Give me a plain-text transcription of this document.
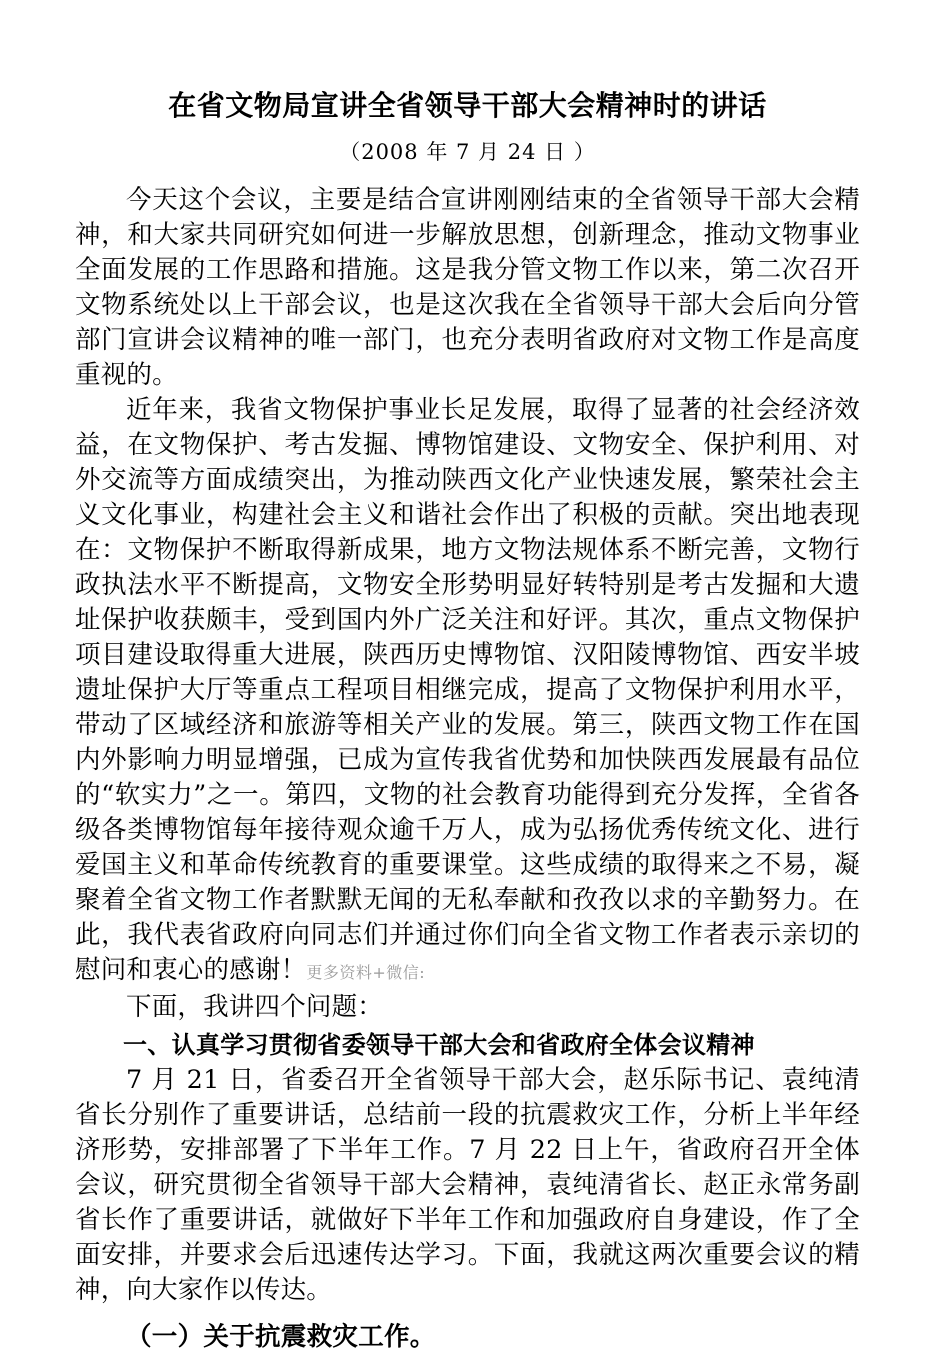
在省文物局宣讲全省领导干部大会精神时的讲话
（2008 年 7 月 24 日 ）

今天这个会议，主要是结合宣讲刚刚结束的全省领导干部大会精神，和大家共同研究如何进一步解放思想，创新理念，推动文物事业全面发展的工作思路和措施。这是我分管文物工作以来，第二次召开文物系统处以上干部会议，也是这次我在全省领导干部大会后向分管部门宣讲会议精神的唯一部门，也充分表明省政府对文物工作是高度重视的。

近年来，我省文物保护事业长足发展，取得了显著的社会经济效益，在文物保护、考古发掘、博物馆建设、文物安全、保护利用、对外交流等方面成绩突出，为推动陕西文化产业快速发展，繁荣社会主义文化事业，构建社会主义和谐社会作出了积极的贡献。突出地表现在：文物保护不断取得新成果，地方文物法规体系不断完善，文物行政执法水平不断提高，文物安全形势明显好转特别是考古发掘和大遗址保护收获颇丰，受到国内外广泛关注和好评。其次，重点文物保护项目建设取得重大进展，陕西历史博物馆、汉阳陵博物馆、西安半坡遗址保护大厅等重点工程项目相继完成，提高了文物保护利用水平，带动了区域经济和旅游等相关产业的发展。第三，陕西文物工作在国内外影响力明显增强，已成为宣传我省优势和加快陕西发展最有品位的“软实力”之一。第四，文物的社会教育功能得到充分发挥，全省各级各类博物馆每年接待观众逾千万人，成为弘扬优秀传统文化、进行爱国主义和革命传统教育的重要课堂。这些成绩的取得来之不易，凝聚着全省文物工作者默默无闻的无私奉献和孜孜以求的辛勤努力。在此，我代表省政府向同志们并通过你们向全省文物工作者表示亲切的慰问和衷心的感谢！更多资料+微信:

下面，我讲四个问题：

一、认真学习贯彻省委领导干部大会和省政府全体会议精神

7 月 21 日，省委召开全省领导干部大会，赵乐际书记、袁纯清省长分别作了重要讲话，总结前一段的抗震救灾工作，分析上半年经济形势，安排部署了下半年工作。7 月 22 日上午，省政府召开全体会议，研究贯彻全省领导干部大会精神，袁纯清省长、赵正永常务副省长作了重要讲话，就做好下半年工作和加强政府自身建设，作了全面安排，并要求会后迅速传达学习。下面，我就这两次重要会议的精神，向大家作以传达。

（一）关于抗震救灾工作。
